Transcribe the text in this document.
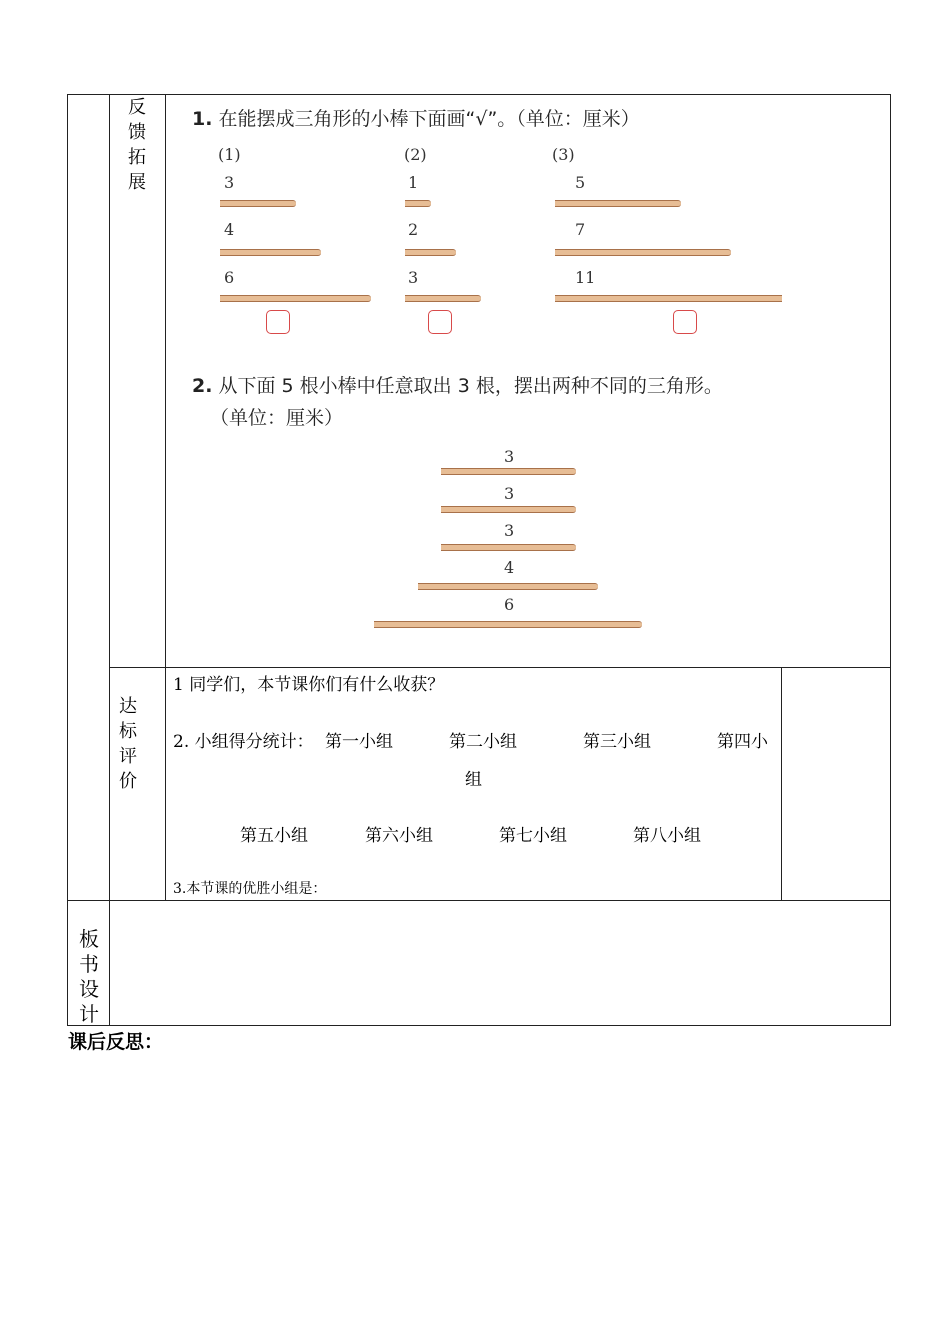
反
馈
拓
展
达
标
评
价
板
书
设
计
1. 在能摆成三角形的小棒下面画“√”。（单位：厘米）
(1)
3
4
6
(2)
1
2
3
(3)
5
7
11
2. 从下面 5 根小棒中任意取出 3 根，摆出两种不同的三角形。
（单位：厘米）
3
3
3
4
6
1 同学们，本节课你们有什么收获？
2. 小组得分统计： 第一小组	第二小组	第三小组	第四小
组
第五小组	第六小组	第七小组	第八小组
3.本节课的优胜小组是：
课后反思：
